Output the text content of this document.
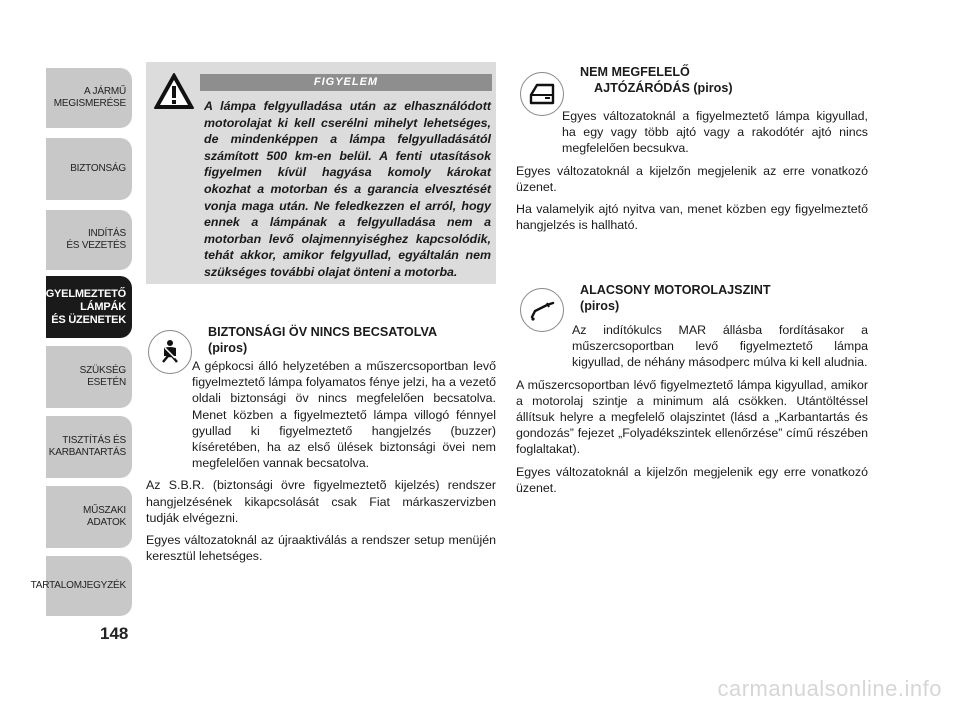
A JÁRMŰ
MEGISMERÉSE
BIZTONSÁG
INDÍTÁS
ÉS VEZETÉS
FIGYELMEZTETŐ
LÁMPÁK
ÉS ÜZENETEK
SZÜKSÉG
ESETÉN
TISZTÍTÁS ÉS
KARBANTARTÁS
MŰSZAKI
ADATOK
TARTALOMJEGYZÉK
148
FIGYELEM
A lámpa felgyulladása után az elhasználódott motorolajat ki kell cserélni mihelyt lehetséges, de mindenképpen a lámpa felgyulladásától számított 500 km-en belül. A fenti utasítások figyelmen kívül hagyása komoly károkat okozhat a motorban és a garancia elvesztését vonja maga után. Ne feledkezzen el arról, hogy ennek a lámpának a felgyulladása nem a motorban levő olajmennyiséghez kapcsolódik, tehát akkor, amikor felgyullad, egyáltalán nem szükséges további olajat önteni a motorba.
BIZTONSÁGI ÖV NINCS BECSATOLVA
(piros)

A gépkocsi álló helyzetében a műszercsoportban levő figyelmeztető lámpa folyamatos fénye jelzi, ha a vezető oldali biztonsági öv nincs megfelelően becsatolva. Menet közben a figyelmeztető lámpa villogó fénnyel gyullad ki figyelmeztető hangjelzés (buzzer) kíséretében, ha az első ülések biztonsági övei nem megfelelően vannak becsatolva.

Az S.B.R. (biztonsági övre figyelmeztetõ kijelzés) rendszer hangjelzésének kikapcsolását csak Fiat márkaszervizben tudják elvégezni.

Egyes változatoknál az újraaktiválás a rendszer setup menüjén keresztül lehetséges.

NEM MEGFELELŐ
AJTÓZÁRÓDÁS (piros)

Egyes változatoknál a figyelmeztető lámpa kigyullad, ha egy vagy több ajtó vagy a rakodótér ajtó nincs megfelelően becsukva.

Egyes változatoknál a kijelzőn megjelenik az erre vonatkozó üzenet.

Ha valamelyik ajtó nyitva van, menet közben egy figyelmeztető hangjelzés is hallható.

ALACSONY MOTOROLAJSZINT
(piros)

Az indítókulcs MAR állásba fordításakor a műszercsoportban levő figyelmeztető lámpa kigyullad, de néhány másodperc múlva ki kell aludnia.

A műszercsoportban lévő figyelmeztető lámpa kigyullad, amikor a motorolaj szintje a minimum alá csökken. Utántöltéssel állítsuk helyre a megfelelő olajszintet (lásd a „Karbantartás és gondozás” fejezet „Folyadékszintek ellenőrzése” című részében foglaltakat).

Egyes változatoknál a kijelzőn megjelenik egy erre vonatkozó üzenet.

carmanualsonline.info
